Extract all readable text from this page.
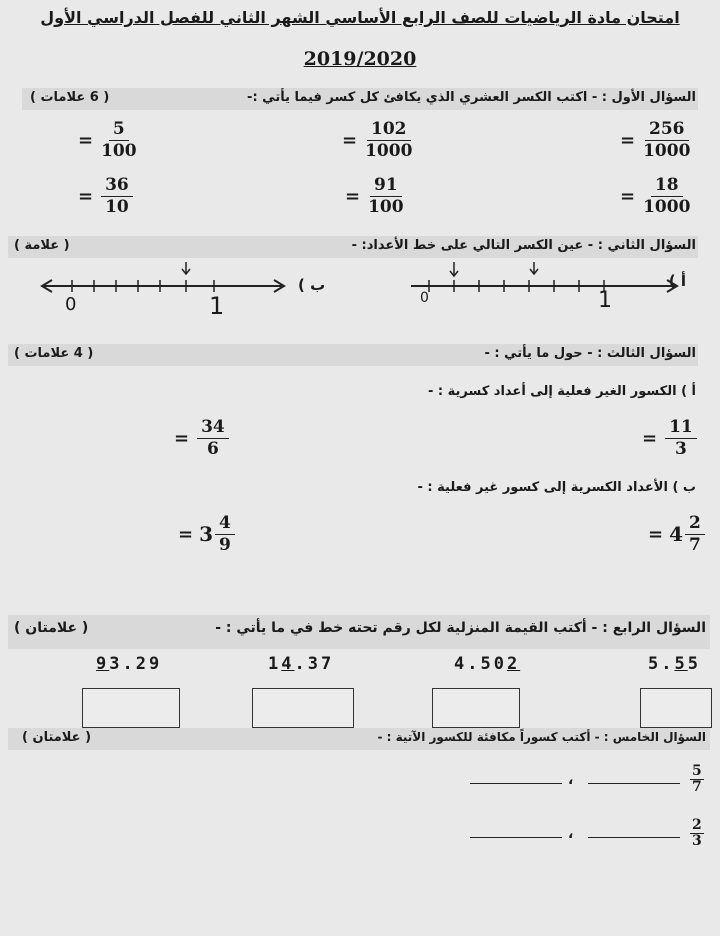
امتحان مادة الرياضيات للصف الرابع الأساسي الشهر الثاني للفصل الدراسي الأول
2019/2020
السؤال الأول : - اكتب الكسر العشري الذي يكافئ كل كسر فيما يأتي :-
( 6 علامات )
= $\frac{256}{1000}$
= $\frac{102}{1000}$
= $\frac{5}{100}$
= $\frac{18}{1000}$
= $\frac{91}{100}$
= $\frac{36}{10}$
السؤال الثاني : - عين الكسر التالي على خط الأعداد: -
( علامة )
أ )
ب )
0	1
0	1
السؤال الثالث : - حول ما يأتي : -
( 4 علامات )
أ ) الكسور الغير فعلية إلى أعداد كسرية : -
= $\frac{11}{3}$
= $\frac{34}{6}$
ب ) الأعداد الكسرية إلى كسور غير فعلية : -
= $4 \frac{2}{7}$
= $3 \frac{4}{9}$
السؤال الرابع : - أكتب القيمة المنزلية لكل رقم تحته خط في ما يأتي : -
( علامتان )
5.55
4.502
14.37
93.29
السؤال الخامس : - أكتب كسوراً مكافئة للكسور الآتية : -
( علامتان )
$\frac{5}{7}$
،
$\frac{2}{3}$
،
